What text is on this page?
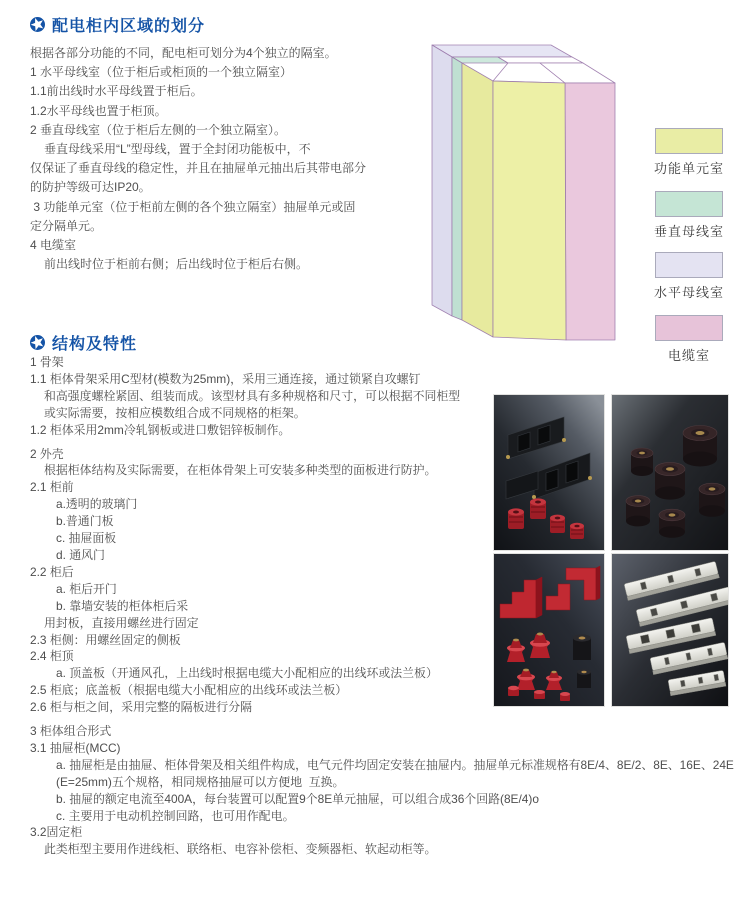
配电柜内区域的划分
根据各部分功能的不同，配电柜可划分为4个独立的隔室。
1 水平母线室（位于柜后或柜顶的一个独立隔室）
1.1前出线时水平母线置于柜后。
1.2水平母线也置于柜顶。
2 垂直母线室（位于柜后左侧的一个独立隔室）。
垂直母线采用“L”型母线，置于全封闭功能板中，不
仅保证了垂直母线的稳定性，并且在抽屉单元抽出后其带电部分
的防护等级可达IP20。
3 功能单元室（位于柜前左侧的各个独立隔室）抽屉单元或固
定分隔单元。
4 电缆室
前出线时位于柜前右侧；后出线时位于柜后右侧。
功能单元室
垂直母线室
水平母线室
电缆室
结构及特性
1 骨架
1.1 柜体骨架采用C型材(模数为25mm)，采用三通连接，通过锁紧自攻螺钉
和高强度螺栓紧固、组装而成。该型材具有多种规格和尺寸，可以根据不同柜型
或实际需要，按相应模数组合成不同规格的柜架。
1.2 柜体采用2mm冷轧钢板或进口敷铝锌板制作。
2 外壳
根据柜体结构及实际需要，在柜体骨架上可安装多种类型的面板进行防护。
2.1 柜前
a.透明的玻璃门
b.普通门板
c. 抽屉面板
d. 通风门
2.2 柜后
a. 柜后开门
b. 靠墙安装的柜体柜后采
用封板，直接用螺丝进行固定
2.3 柜侧：用螺丝固定的侧板
2.4 柜顶
a. 顶盖板（开通风孔，上出线时根据电缆大小配相应的出线环或法兰板）
2.5 柜底；底盖板（根据电缆大小配相应的出线环或法兰板）
2.6 柜与柜之间，采用完整的隔板进行分隔
3 柜体组合形式
3.1 抽屉柜(MCC)
a. 抽屉柜是由抽屉、柜体骨架及相关组件构成，电气元件均固定安装在抽屉内。抽屉单元标准规格有8E/4、8E/2、8E、16E、24E
(E=25mm)五个规格，相同规格抽屉可以方便地  互换。
b. 抽屉的额定电流至400A，每台装置可以配置9个8E单元抽屉，可以组合成36个回路(8E/4)o
c. 主要用于电动机控制回路，也可用作配电。
3.2固定柜
此类柜型主要用作进线柜、联络柜、电容补偿柜、变频器柜、软起动柜等。
